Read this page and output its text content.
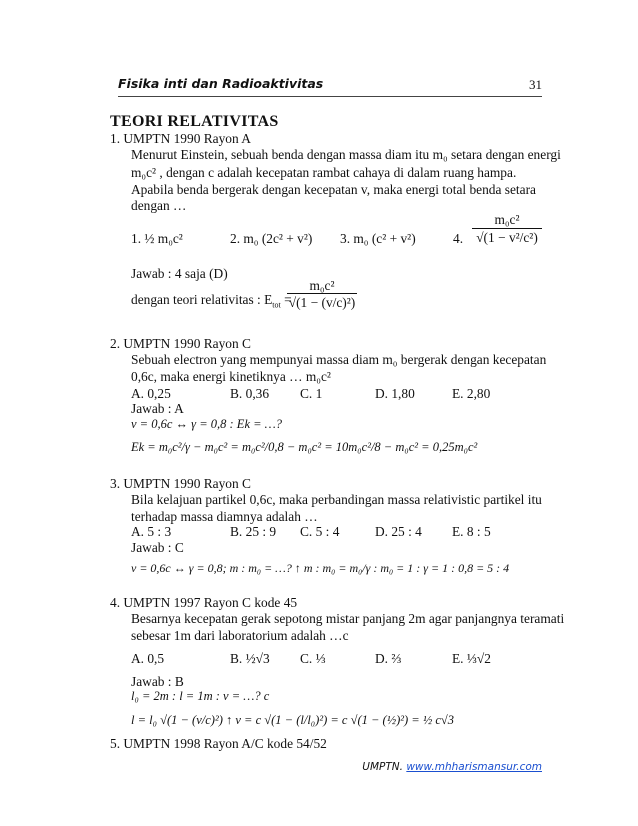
Fisika inti dan Radioaktivitas	31
TEORI RELATIVITAS
1. UMPTN 1990 Rayon A
Menurut Einstein, sebuah benda dengan massa diam itu m₀ setara dengan energi
m₀c² , dengan c adalah kecepatan rambat cahaya di dalam ruang hampa.
Apabila benda bergerak dengan kecepatan v, maka energi total benda setara
dengan …
1. ½ m₀c²	2. m₀ (2c² + v²) 3. m₀ (c² + v²)	4. $\frac{\text{m₀c²}}{\text{√(1 − v²/c²)}}$
Jawab : 4 saja (D)
dengan teori relativitas : $E_{tot}$ =
$\frac{\text{m₀c²}}{\text{√(1 − (v/c)²)}}$
2. UMPTN 1990 Rayon C
Sebuah electron yang mempunyai massa diam m₀ bergerak dengan kecepatan
0,6c, maka energi kinetiknya … m₀c²
A. 0,25	B. 0,36 C. 1	D. 1,80	E. 2,80
Jawab : A
v = 0,6c ↔ γ = 0,8 : Ek = …?
Ek = m₀c²/γ − m₀c² = m₀c²/0,8 − m₀c² = 10m₀c²/8 − m₀c² = 0,25m₀c²
3. UMPTN 1990 Rayon C
Bila kelajuan partikel 0,6c, maka perbandingan massa relativistic partikel itu
terhadap massa diamnya adalah …
A. 5 : 3	B. 25 : 9 C. 5 : 4	D. 25 : 4 E. 8 : 5
Jawab : C
v = 0,6c ↔ γ = 0,8; m : m₀ = …? ↑ m : m₀ = m₀/γ : m₀ = 1 : γ = 1 : 0,8 = 5 : 4
4. UMPTN 1997 Rayon C kode 45
Besarnya kecepatan gerak sepotong mistar panjang 2m agar panjangnya teramati
sebesar 1m dari laboratorium adalah …c
A. 0,5	B. ½√3 C. ⅓	D. ⅔	E. ⅓√2
Jawab : B
l₀ = 2m : l = 1m : v = …? c
l = l₀ √(1 − (v/c)²) ↑ v = c √(1 − (l/l₀)²) = c √(1 − (½)²) = ½ c√3
5. UMPTN 1998 Rayon A/C kode 54/52
UMPTN. www.mhharismansur.com
